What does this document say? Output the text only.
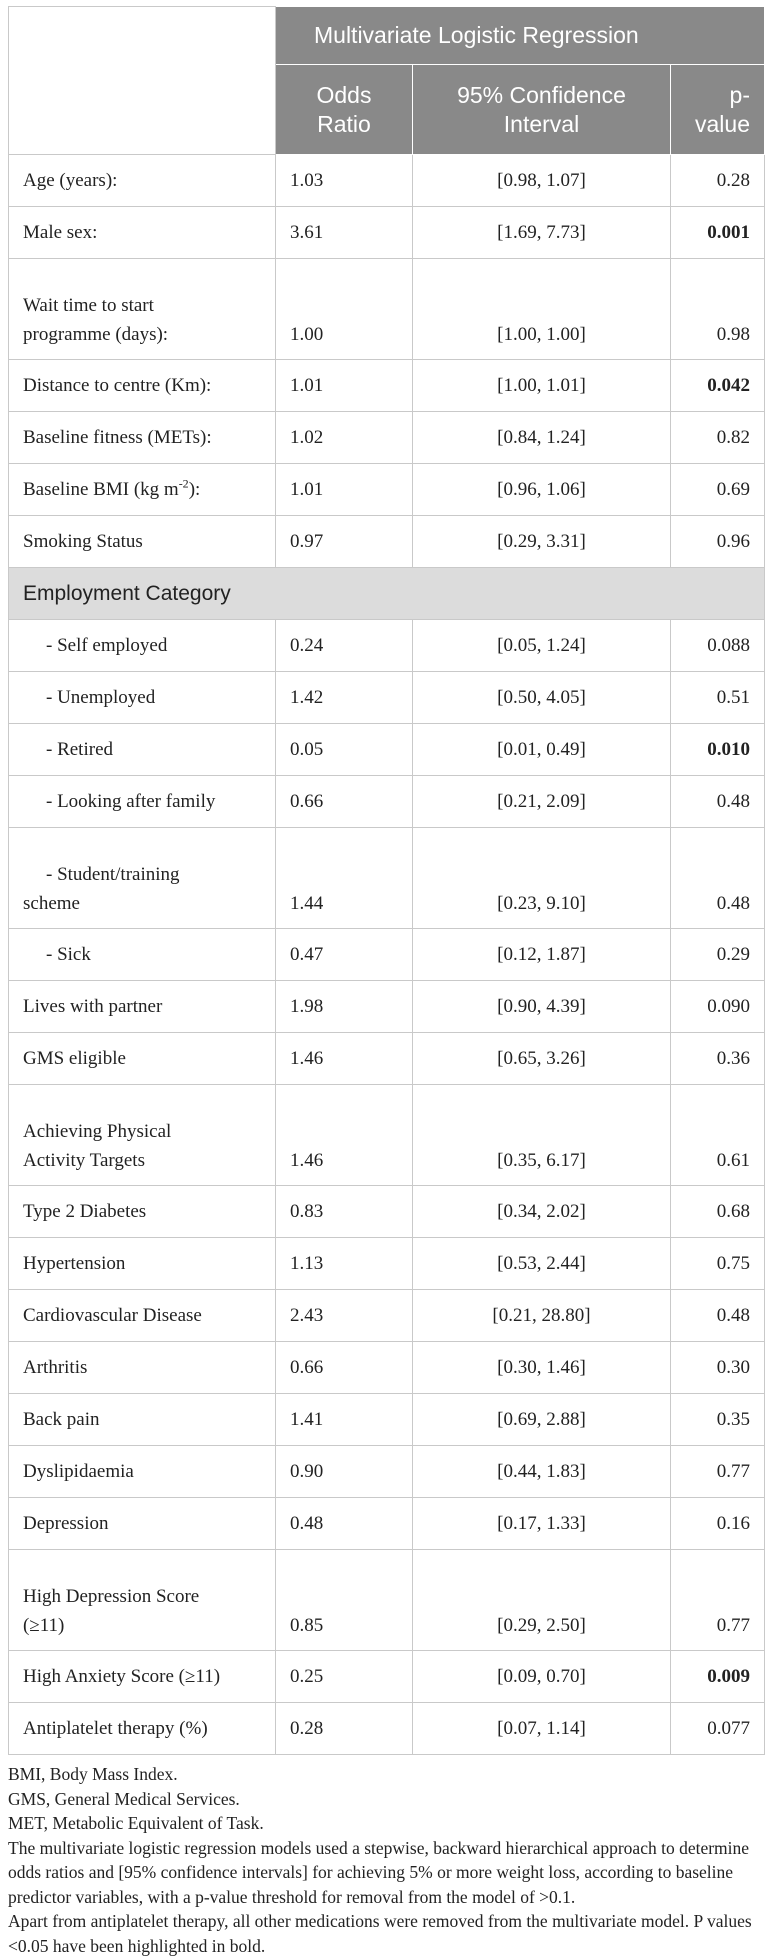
	Multivariate Logistic Regression		
	Odds
Ratio	95% Confidence
Interval	p-
value
Age (years):	1.03	[0.98, 1.07]	0.28
Male sex:	3.61	[1.69, 7.73]	0.001
Wait time to start
programme (days):	1.00	[1.00, 1.00]	0.98
Distance to centre (Km):	1.01	[1.00, 1.01]	0.042
Baseline fitness (METs):	1.02	[0.84, 1.24]	0.82
Baseline BMI (kg $m^{-2}$):	1.01	[0.96, 1.06]	0.69
Smoking Status	0.97	[0.29, 3.31]	0.96
Employment Category			
- Self employed	0.24	[0.05, 1.24]	0.088
- Unemployed	1.42	[0.50, 4.05]	0.51
- Retired	0.05	[0.01, 0.49]	0.010
- Looking after family	0.66	[0.21, 2.09]	0.48
- Student/training
scheme	1.44	[0.23, 9.10]	0.48
- Sick	0.47	[0.12, 1.87]	0.29
Lives with partner	1.98	[0.90, 4.39]	0.090
GMS eligible	1.46	[0.65, 3.26]	0.36
Achieving Physical
Activity Targets	1.46	[0.35, 6.17]	0.61
Type 2 Diabetes	0.83	[0.34, 2.02]	0.68
Hypertension	1.13	[0.53, 2.44]	0.75
Cardiovascular Disease	2.43	[0.21, 28.80]	0.48
Arthritis	0.66	[0.30, 1.46]	0.30
Back pain	1.41	[0.69, 2.88]	0.35
Dyslipidaemia	0.90	[0.44, 1.83]	0.77
Depression	0.48	[0.17, 1.33]	0.16
High Depression Score
(≥11)	0.85	[0.29, 2.50]	0.77
High Anxiety Score (≥11)	0.25	[0.09, 0.70]	0.009
Antiplatelet therapy (%)	0.28	[0.07, 1.14]	0.077
BMI, Body Mass Index.
GMS, General Medical Services.
MET, Metabolic Equivalent of Task.
The multivariate logistic regression models used a stepwise, backward hierarchical approach to determine odds ratios and [95% confidence intervals] for achieving 5% or more weight loss, according to baseline predictor variables, with a p-value threshold for removal from the model of >0.1.
Apart from antiplatelet therapy, all other medications were removed from the multivariate model. P values <0.05 have been highlighted in bold.
